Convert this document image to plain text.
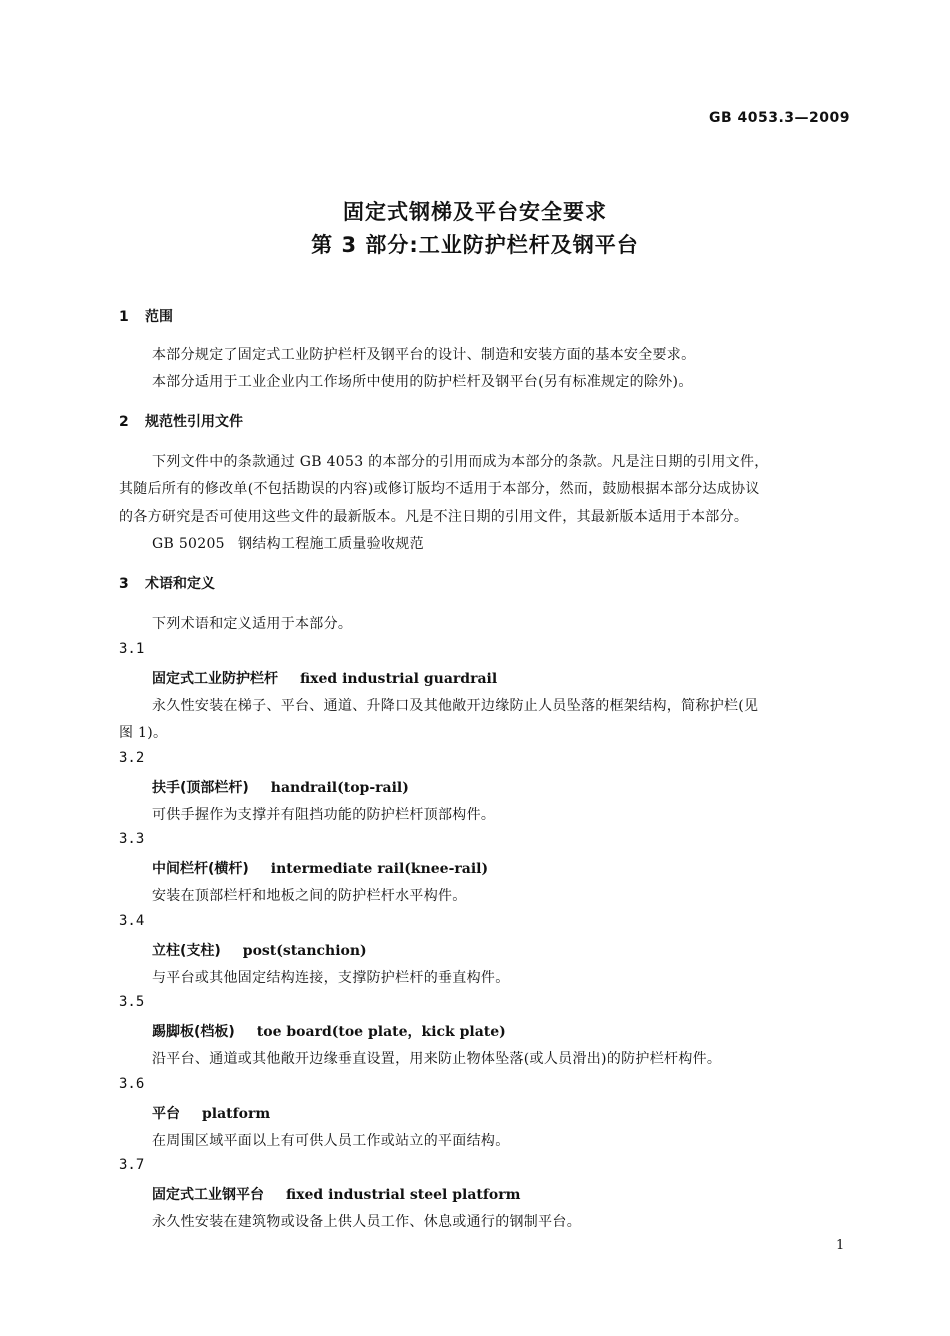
GB 4053.3—2009
固定式钢梯及平台安全要求
第 3 部分:工业防护栏杆及钢平台
1 范围
本部分规定了固定式工业防护栏杆及钢平台的设计、制造和安装方面的基本安全要求。
本部分适用于工业企业内工作场所中使用的防护栏杆及钢平台(另有标准规定的除外)。
2 规范性引用文件
下列文件中的条款通过 GB 4053 的本部分的引用而成为本部分的条款。凡是注日期的引用文件，
其随后所有的修改单(不包括勘误的内容)或修订版均不适用于本部分，然而，鼓励根据本部分达成协议
的各方研究是否可使用这些文件的最新版本。凡是不注日期的引用文件，其最新版本适用于本部分。
GB 50205 钢结构工程施工质量验收规范
3 术语和定义
下列术语和定义适用于本部分。
3.1
固定式工业防护栏杆 fixed industrial guardrail
永久性安装在梯子、平台、通道、升降口及其他敞开边缘防止人员坠落的框架结构，简称护栏(见
图 1)。
3.2
扶手(顶部栏杆) handrail(top-rail)
可供手握作为支撑并有阻挡功能的防护栏杆顶部构件。
3.3
中间栏杆(横杆) intermediate rail(knee-rail)
安装在顶部栏杆和地板之间的防护栏杆水平构件。
3.4
立柱(支柱) post(stanchion)
与平台或其他固定结构连接，支撑防护栏杆的垂直构件。
3.5
踢脚板(档板) toe board(toe plate，kick plate)
沿平台、通道或其他敞开边缘垂直设置，用来防止物体坠落(或人员滑出)的防护栏杆构件。
3.6
平台 platform
在周围区域平面以上有可供人员工作或站立的平面结构。
3.7
固定式工业钢平台 fixed industrial steel platform
永久性安装在建筑物或设备上供人员工作、休息或通行的钢制平台。
1
